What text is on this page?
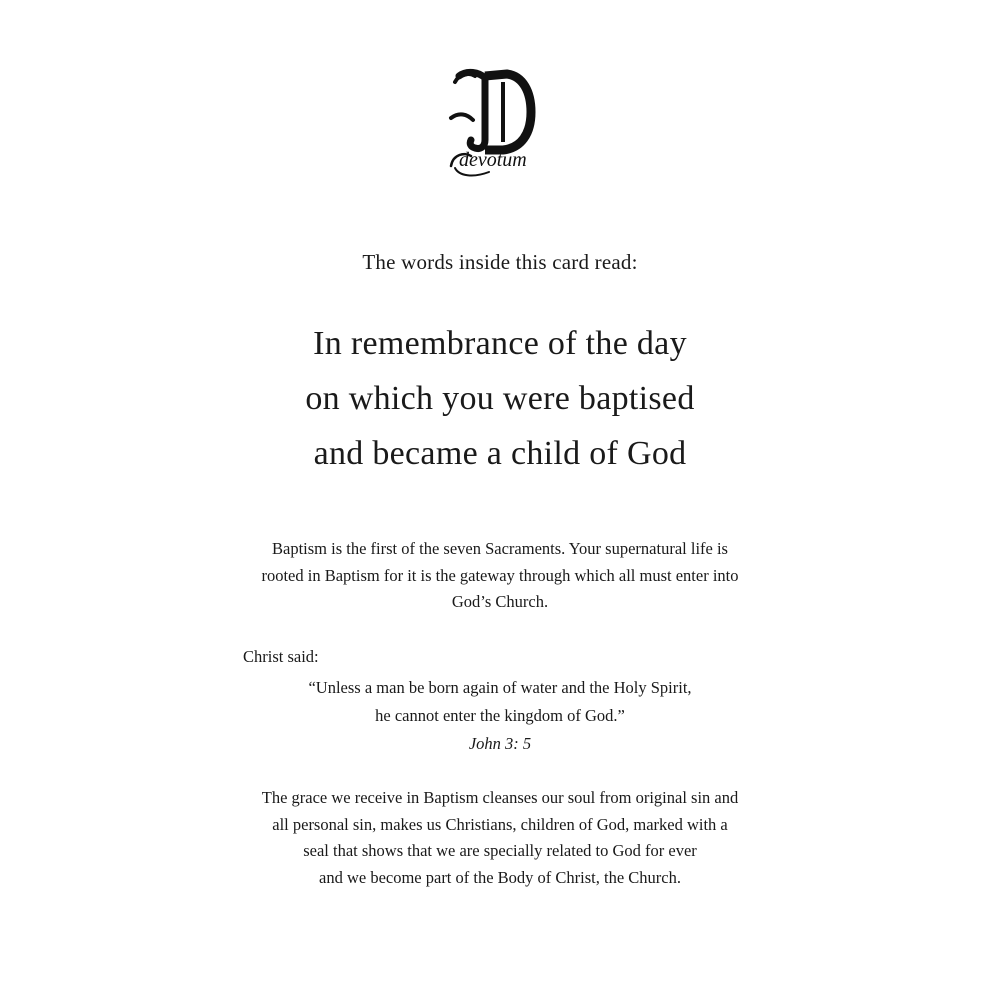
devotum
The words inside this card read:
In remembrance of the day
on which you were baptised
and became a child of God
Baptism is the first of the seven Sacraments. Your supernatural life is
rooted in Baptism for it is the gateway through which all must enter into
God’s Church.
Christ said:
“Unless a man be born again of water and the Holy Spirit,
he cannot enter the kingdom of God.”
John 3: 5
The grace we receive in Baptism cleanses our soul from original sin and
all personal sin, makes us Christians, children of God, marked with a
seal that shows that we are specially related to God for ever
and we become part of the Body of Christ, the Church.
